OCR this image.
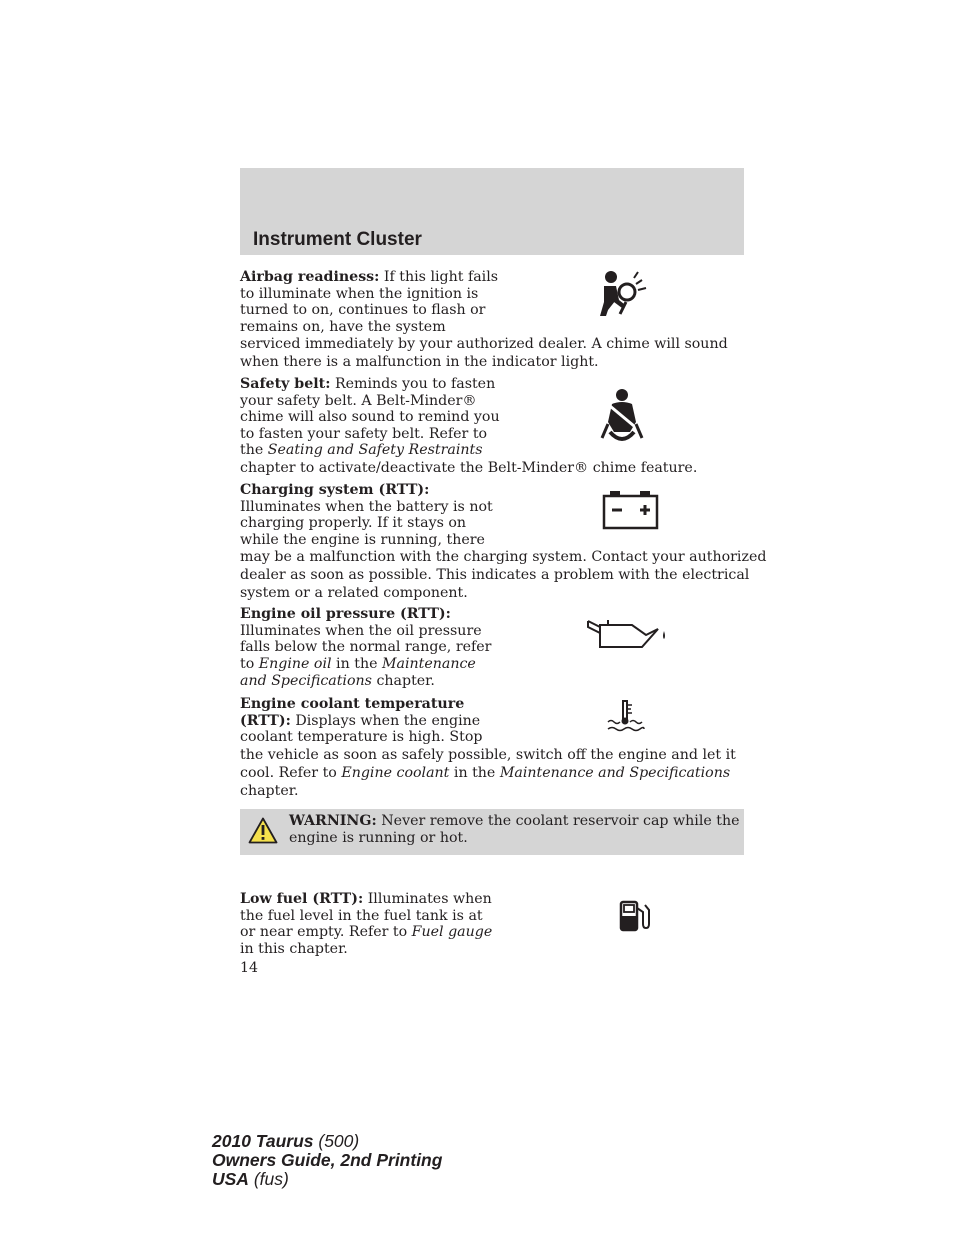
Instrument Cluster
Airbag readiness: If this light fails
to illuminate when the ignition is
turned to on, continues to flash or
remains on, have the system
serviced immediately by your authorized dealer. A chime will sound
when there is a malfunction in the indicator light.
Safety belt: Reminds you to fasten
your safety belt. A Belt-Minder®
chime will also sound to remind you
to fasten your safety belt. Refer to
the Seating and Safety Restraints
chapter to activate/deactivate the Belt-Minder® chime feature.
Charging system (RTT):
Illuminates when the battery is not
charging properly. If it stays on
while the engine is running, there
may be a malfunction with the charging system. Contact your authorized
dealer as soon as possible. This indicates a problem with the electrical
system or a related component.
Engine oil pressure (RTT):
Illuminates when the oil pressure
falls below the normal range, refer
to Engine oil in the Maintenance
and Specifications chapter.
Engine coolant temperature
(RTT): Displays when the engine
coolant temperature is high. Stop
the vehicle as soon as safely possible, switch off the engine and let it
cool. Refer to Engine coolant in the Maintenance and Specifications
chapter.
WARNING: Never remove the coolant reservoir cap while the
engine is running or hot.
Low fuel (RTT): Illuminates when
the fuel level in the fuel tank is at
or near empty. Refer to Fuel gauge
in this chapter.
14
2010 Taurus (500)
Owners Guide, 2nd Printing
USA (fus)
